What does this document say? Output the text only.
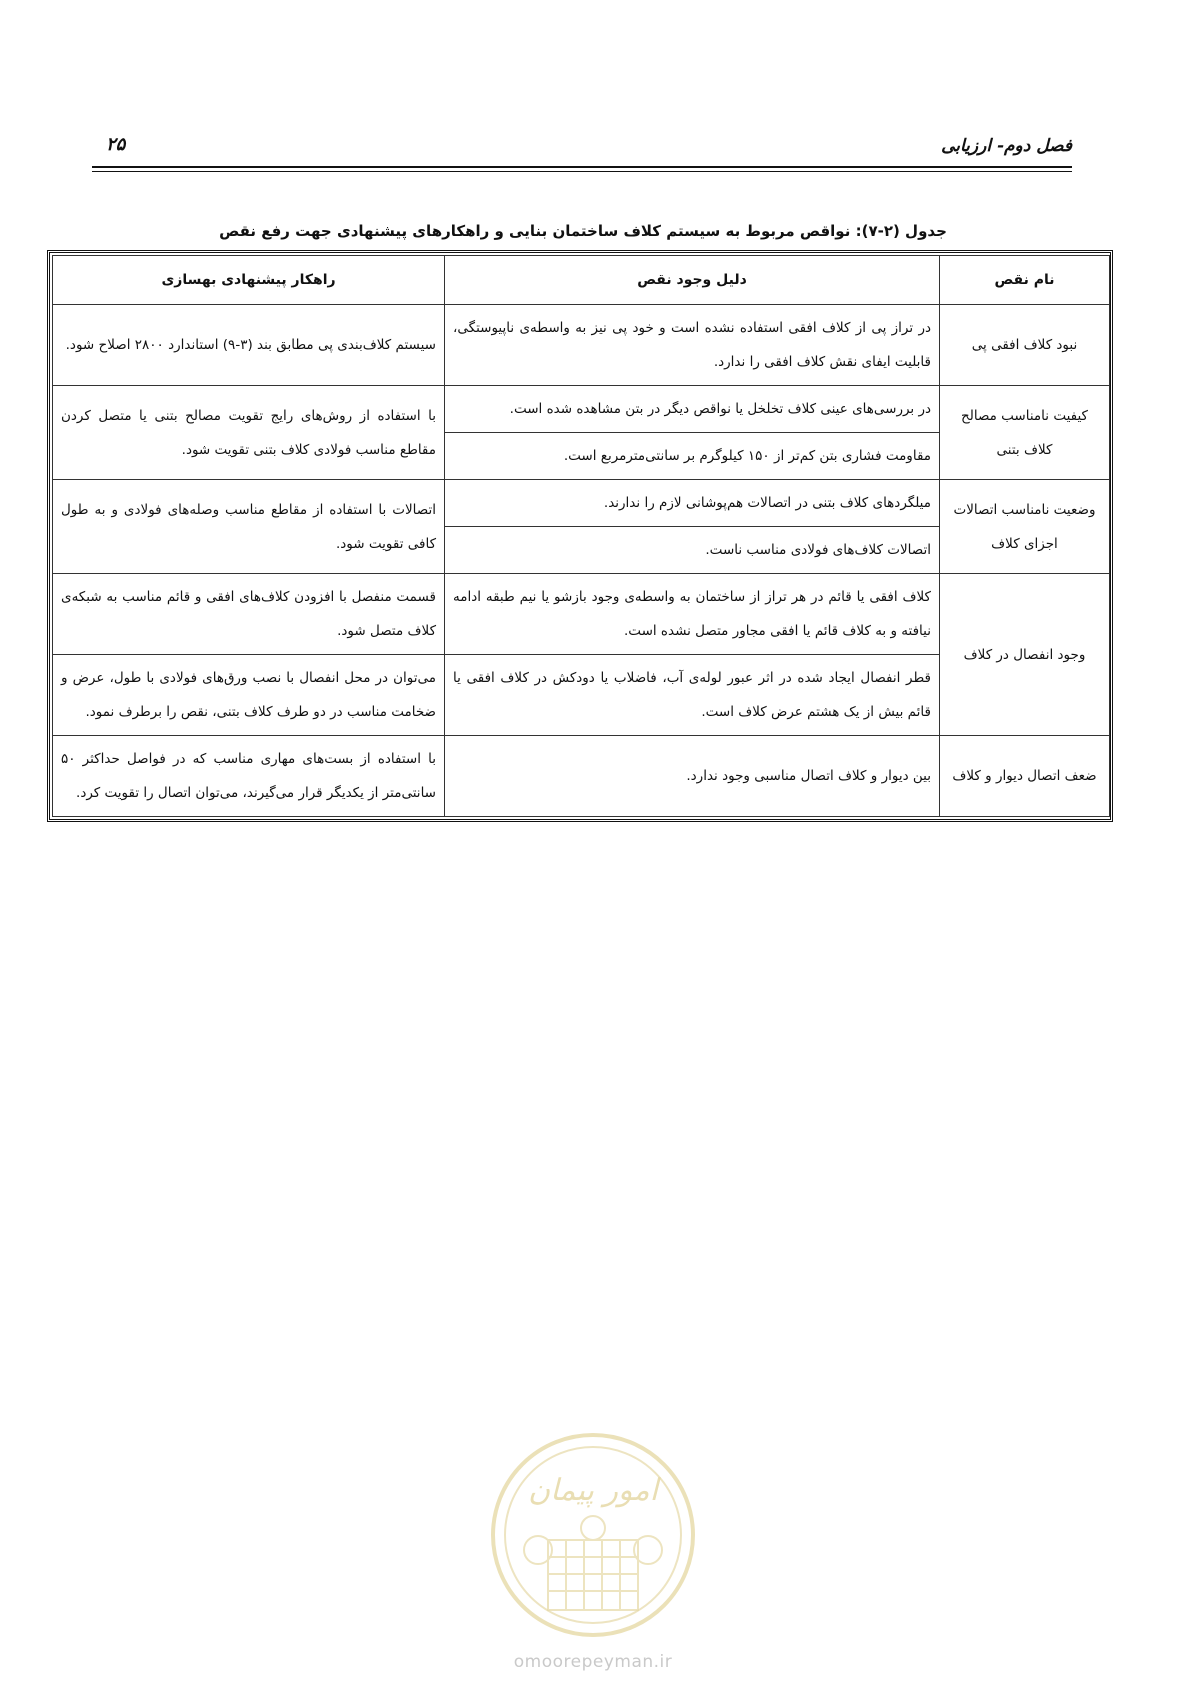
فصل دوم- ارزیابی
۲۵
جدول (۲-۷): نواقص مربوط به سیستم کلاف ساختمان بنایی و راهکارهای پیشنهادی جهت رفع نقص
نام نقص	دلیل وجود نقص	راهکار پیشنهادی بهسازی
نبود کلاف افقی پی	در تراز پی از کلاف افقی استفاده نشده است و خود پی نیز به واسطه‌ی ناپیوستگی، قابلیت ایفای نقش کلاف افقی را ندارد.	سیستم کلاف‌بندی پی مطابق بند (۳-۹) استاندارد ۲۸۰۰ اصلاح شود.
کیفیت نامناسب مصالح کلاف بتنی	در بررسی‌های عینی کلاف تخلخل یا نواقص دیگر در بتن مشاهده شده است.	با استفاده از روش‌های رایج تقویت مصالح بتنی یا متصل کردن مقاطع مناسب فولادی کلاف بتنی تقویت شود.
	مقاومت فشاری بتن کم‌تر از ۱۵۰ کیلوگرم بر سانتی‌مترمربع است.	
وضعیت نامناسب اتصالات اجزای کلاف	میلگردهای کلاف بتنی در اتصالات هم‌پوشانی لازم را ندارند.	اتصالات با استفاده از مقاطع مناسب وصله‌های فولادی و به طول کافی تقویت شود.
	اتصالات کلاف‌های فولادی مناسب ناست.	
وجود انفصال در کلاف	کلاف افقی یا قائم در هر تراز از ساختمان به واسطه‌ی وجود بازشو یا نیم طبقه ادامه نیافته و به کلاف قائم یا افقی مجاور متصل نشده است.	قسمت منفصل با افزودن کلاف‌های افقی و قائم مناسب به شبکه‌ی کلاف متصل شود.
	قطر انفصال ایجاد شده در اثر عبور لوله‌ی آب، فاضلاب یا دودکش در کلاف افقی یا قائم بیش از یک هشتم عرض کلاف است.	می‌توان در محل انفصال با نصب ورق‌های فولادی با طول، عرض و ضخامت مناسب در دو طرف کلاف بتنی، نقص را برطرف نمود.
ضعف اتصال دیوار و کلاف	بین دیوار و کلاف اتصال مناسبی وجود ندارد.	با استفاده از بست‌های مهاری مناسب که در فواصل حداکثر ۵۰ سانتی‌متر از یکدیگر قرار می‌گیرند، می‌توان اتصال را تقویت کرد.
امور پیمان
omoorepeyman.ir
